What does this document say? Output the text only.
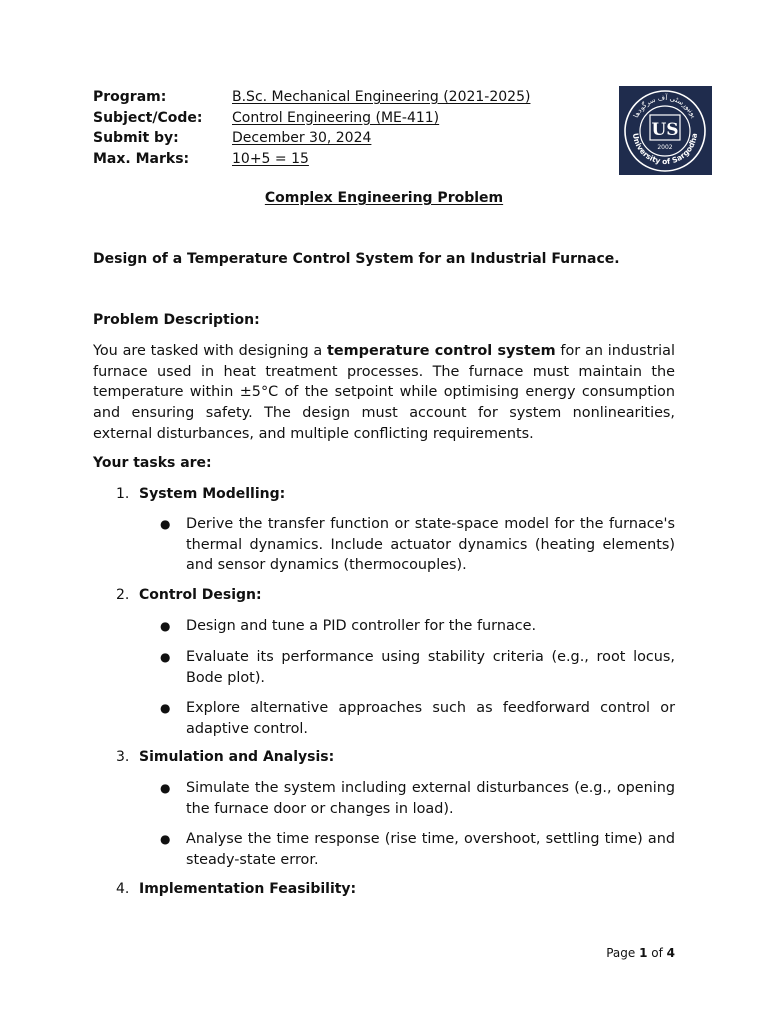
Program:	B.Sc. Mechanical Engineering (2021-2025)
Subject/Code:	Control Engineering (ME-411)
Submit by:	December 30, 2024
Max. Marks:	10+5 = 15
یونیورسٹی آف سرگودھا
University of Sargodha
US
2002
Complex Engineering Problem
Design of a Temperature Control System for an Industrial Furnace.
Problem Description:

You are tasked with designing a temperature control system for an industrial furnace used in heat treatment processes. The furnace must maintain the temperature within ±5°C of the setpoint while optimising energy consumption and ensuring safety. The design must account for system nonlinearities, external disturbances, and multiple conflicting requirements.

Your tasks are:
1. System Modelling:
●	Derive the transfer function or state-space model for the furnace's thermal dynamics. Include actuator dynamics (heating elements) and sensor dynamics (thermocouples).

2. Control Design:
●	Design and tune a PID controller for the furnace.

●	Evaluate its performance using stability criteria (e.g., root locus, Bode plot).

●	Explore alternative approaches such as feedforward control or adaptive control.

3. Simulation and Analysis:
●	Simulate the system including external disturbances (e.g., opening the furnace door or changes in load).

●	Analyse the time response (rise time, overshoot, settling time) and steady-state error.

4. Implementation Feasibility:
Page 1 of 4
